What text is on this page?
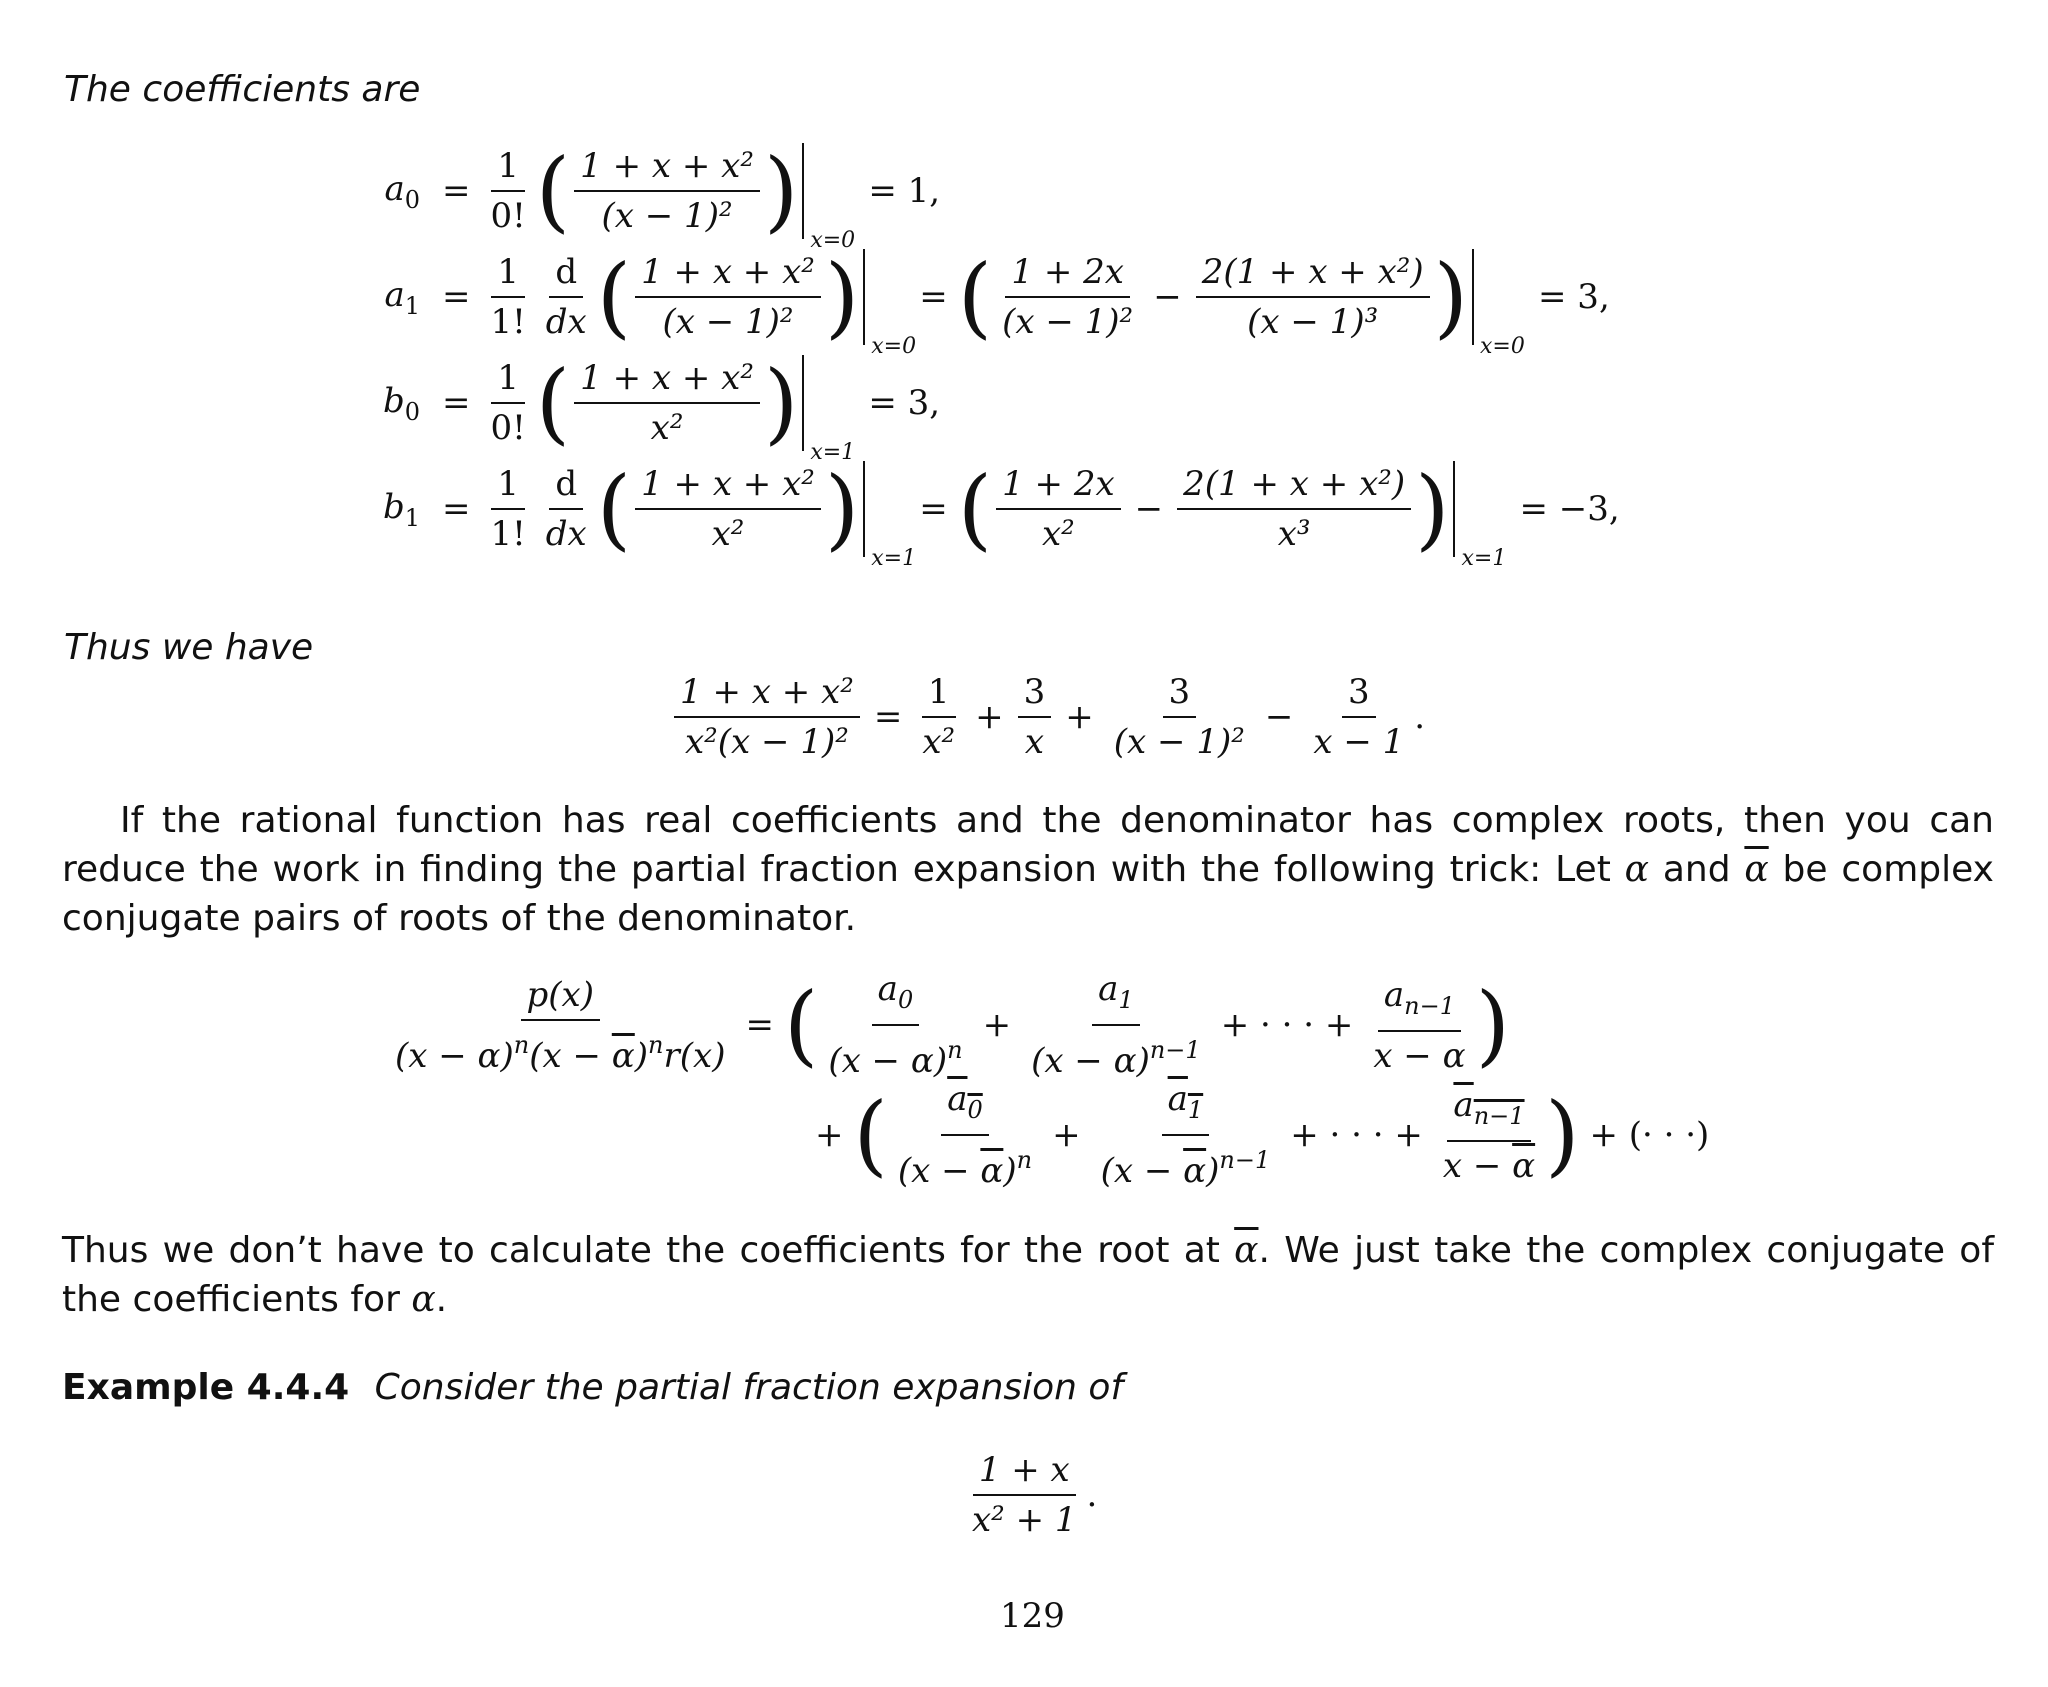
The coefficients are
$a_0 = \frac{1}{0!}$ ( $\frac{\text{1 + x + x²}}{\text{(x − 1)²}}$ ) x=0
= 1,
$a_1 = \frac{1}{1!} \frac{d}{dx}$ ( $\frac{\text{1 + x + x²}}{\text{(x − 1)²}}$ ) x=0
= ( $\frac{1 + 2x}{\text{(x − 1)²}} - \frac{\text{2(1 + x + x²)}}{\text{(x − 1)³}}$ ) x=0
= 3,
$b_0 = \frac{1}{0!}$ ( $\frac{\text{1 + x + x²}}{\text{x²}}$ ) x=1
= 3,
$b_1 = \frac{1}{1!} \frac{d}{dx}$ ( $\frac{\text{1 + x + x²}}{\text{x²}}$ ) x=1
= ( $\frac{1 + 2x}{\text{x²}} - \frac{\text{2(1 + x + x²)}}{\text{x³}}$ ) x=1
= −3,
Thus we have
$\frac{\text{1 + x + x²}}{\text{x²(x − 1)²}} = \frac{1}{\text{x²}} + \frac{3}{x} + \frac{3}{\text{(x − 1)²}} - \frac{3}{x - 1}$ .
If the rational function has real coefficients and the denominator has complex roots, then you can reduce the work in finding the partial fraction expansion with the following trick: Let α and $\overline{\alpha}$ be complex conjugate pairs of roots of the denominator.
$\frac{p(x)}{(x - \alpha)^n(x - \overline{\alpha})^nr(x)}$ = ( $\frac{a_0}{(x - \alpha)^n} + \frac{a_1}{(x - \alpha)^{n-1}}$ + · · · + $\frac{a_{n-1}}{x - \alpha}$ )
+ ( $\frac{a_0}{(x - \overline{\alpha})^n} + \frac{a_1}{(x - \overline{\alpha})^{n-1}}$ + · · · + $\frac{a_{n-1}}{x - \overline{\alpha}}$ ) + (· · ·)
Thus we don’t have to calculate the coefficients for the root at $\overline{\alpha}$. We just take the complex conjugate of the coefficients for α.
Example 4.4.4 Consider the partial fraction expansion of
$\frac{1 + x}{\text{x² + 1}}$ .
129
